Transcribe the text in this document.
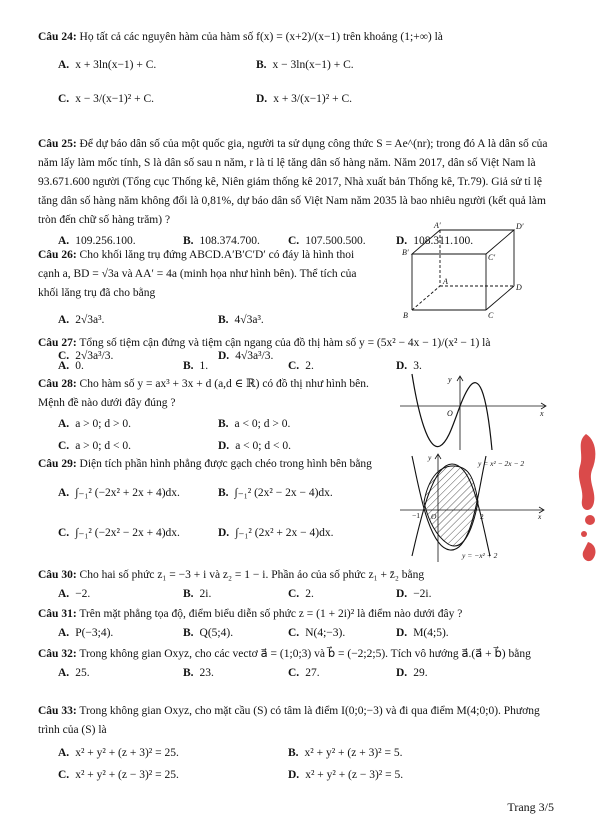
Câu 24: Họ tất cả các nguyên hàm của hàm số f(x) = (x+2)/(x−1) trên khoảng (1;+∞) là
A. x + 3ln(x−1) + C.	B. x − 3ln(x−1) + C.
C. x − 3/(x−1)² + C.	D. x + 3/(x−1)² + C.
Câu 25: Để dự báo dân số của một quốc gia, người ta sử dụng công thức S = Ae^(nr); trong đó A là dân số của năm lấy làm mốc tính, S là dân số sau n năm, r là tỉ lệ tăng dân số hàng năm. Năm 2017, dân số Việt Nam là 93.671.600 người (Tổng cục Thống kê, Niên giám thống kê 2017, Nhà xuất bản Thống kê, Tr.79). Giả sử tỉ lệ tăng dân số hàng năm không đổi là 0,81%, dự báo dân số Việt Nam năm 2035 là bao nhiêu người (kết quả làm tròn đến chữ số hàng trăm) ?
A. 109.256.100.	B. 108.374.700. C. 107.500.500.	D. 108.311.100.
Câu 26: Cho khối lăng trụ đứng ABCD.A′B′C′D′ có đáy là hình thoi cạnh a, BD = √3a và AA′ = 4a (minh họa như hình bên). Thể tích của khối lăng trụ đã cho bằng
A. 2√3a³.	B. 4√3a³.
C. 2√3a³/3.	D. 4√3a³/3.
A′	D′
B′
C′
A
D
B	C
Câu 27: Tổng số tiệm cận đứng và tiệm cận ngang của đồ thị hàm số y = (5x² − 4x − 1)/(x² − 1) là
A. 0.	B. 1.	C. 2.	D. 3.
Câu 28: Cho hàm số y = ax³ + 3x + d (a,d ∈ ℝ) có đồ thị như hình bên. Mệnh đề nào dưới đây đúng ?
A. a > 0; d > 0.	B. a < 0; d > 0.
C. a > 0; d < 0.	D. a < 0; d < 0.
y
O	x
Câu 29: Diện tích phần hình phẳng được gạch chéo trong hình bên bằng
A. ∫₋₁² (−2x² + 2x + 4)dx.	B. ∫₋₁² (2x² − 2x − 4)dx.
C. ∫₋₁² (−2x² − 2x + 4)dx.	D. ∫₋₁² (2x² + 2x − 4)dx.
y
y = x² − 2x − 2
−1 O	2	x
y = −x² + 2
Câu 30: Cho hai số phức z₁ = −3 + i và z₂ = 1 − i. Phần ảo của số phức z₁ + z̄₂ bằng
A. −2.	B. 2i.	C. 2.	D. −2i.
Câu 31: Trên mặt phẳng tọa độ, điểm biểu diễn số phức z = (1 + 2i)² là điểm nào dưới đây ?
A. P(−3;4).	B. Q(5;4).	C. N(4;−3).	D. M(4;5).
Câu 32: Trong không gian Oxyz, cho các vectơ a⃗ = (1;0;3) và b⃗ = (−2;2;5). Tích vô hướng a⃗.(a⃗ + b⃗) bằng
A. 25.	B. 23.	C. 27.	D. 29.
Câu 33: Trong không gian Oxyz, cho mặt cầu (S) có tâm là điểm I(0;0;−3) và đi qua điểm M(4;0;0). Phương trình của (S) là
A. x² + y² + (z + 3)² = 25.	B. x² + y² + (z + 3)² = 5.
C. x² + y² + (z − 3)² = 25.	D. x² + y² + (z − 3)² = 5.
Trang 3/5
